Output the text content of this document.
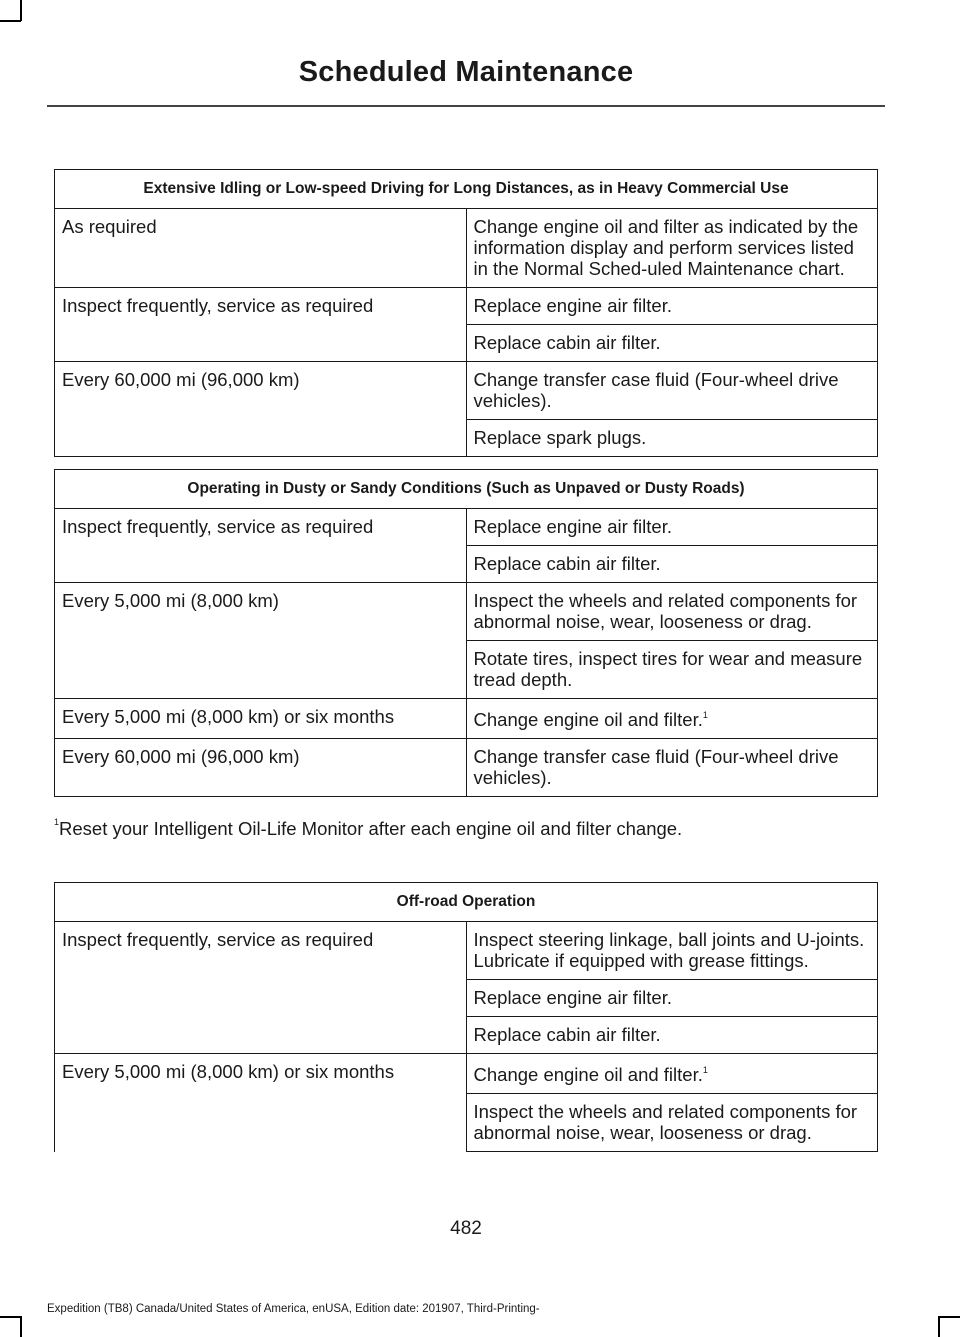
Scheduled Maintenance
Extensive Idling or Low-speed Driving for Long Distances, as in Heavy Commercial Use	
As required	Change engine oil and filter as indicated by the information display and perform services listed in the Normal Sched-uled Maintenance chart.
Inspect frequently, service as required	Replace engine air filter.
	Replace cabin air filter.
Every 60,000 mi (96,000 km)	Change transfer case fluid (Four-wheel drive vehicles).
	Replace spark plugs.
Operating in Dusty or Sandy Conditions (Such as Unpaved or Dusty Roads)	
Inspect frequently, service as required	Replace engine air filter.
	Replace cabin air filter.
Every 5,000 mi (8,000 km)	Inspect the wheels and related components for abnormal noise, wear, looseness or drag.
	Rotate tires, inspect tires for wear and measure tread depth.
Every 5,000 mi (8,000 km) or six months	Change engine oil and filter.$^1$
Every 60,000 mi (96,000 km)	Change transfer case fluid (Four-wheel drive vehicles).
$^1$Reset your Intelligent Oil-Life Monitor after each engine oil and filter change.
Off-road Operation	
Inspect frequently, service as required	Inspect steering linkage, ball joints and U-joints. Lubricate if equipped with grease fittings.
	Replace engine air filter.
	Replace cabin air filter.
Every 5,000 mi (8,000 km) or six months	Change engine oil and filter.$^1$
	Inspect the wheels and related components for abnormal noise, wear, looseness or drag.
482
Expedition (TB8) Canada/United States of America, enUSA, Edition date: 201907, Third-Printing-
